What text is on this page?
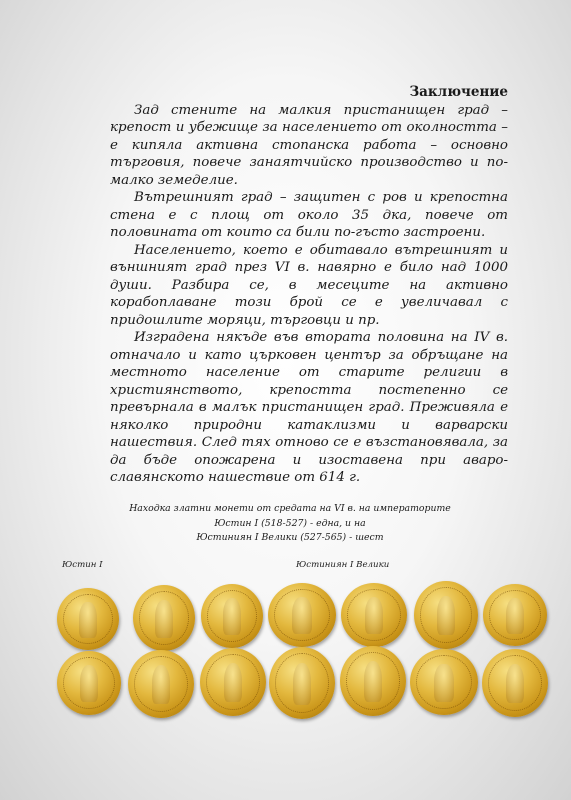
Заключение

Зад стените на малкия пристанищен град – крепост и убежище за населението от околността – е кипяла активна стопанска работа – основно търговия, повече занаятчийско производство и по-малко земеделие.

Вътрешният град – защитен с ров и крепостна стена е с площ от около 35 дка, повече от половината от които са били по-гъсто застроени.

Населението, което е обитавало вътрешният и външният град през VI в. навярно е било над 1000 души. Разбира се, в месеците на активно корабоплаване този брой се е увеличавал с придошлите моряци, търговци и пр.

Изградена някъде във втората половина на IV в. отначало и като църковен център за обръщане на местното население от старите религии в християнството, крепостта постепенно се превърнала в малък пристанищен град. Преживяла е няколко природни катаклизми и варварски нашествия. След тях отново се е възстановявала, за да бъде опожарена и изоставена при аваро-славянското нашествие от 614 г.

Находка златни монети от средата на VI в. на императорите
Юстин I (518-527) - една, и на
Юстиниян I Велики (527-565) - шест
Юстин I	Юстиниян I Велики
